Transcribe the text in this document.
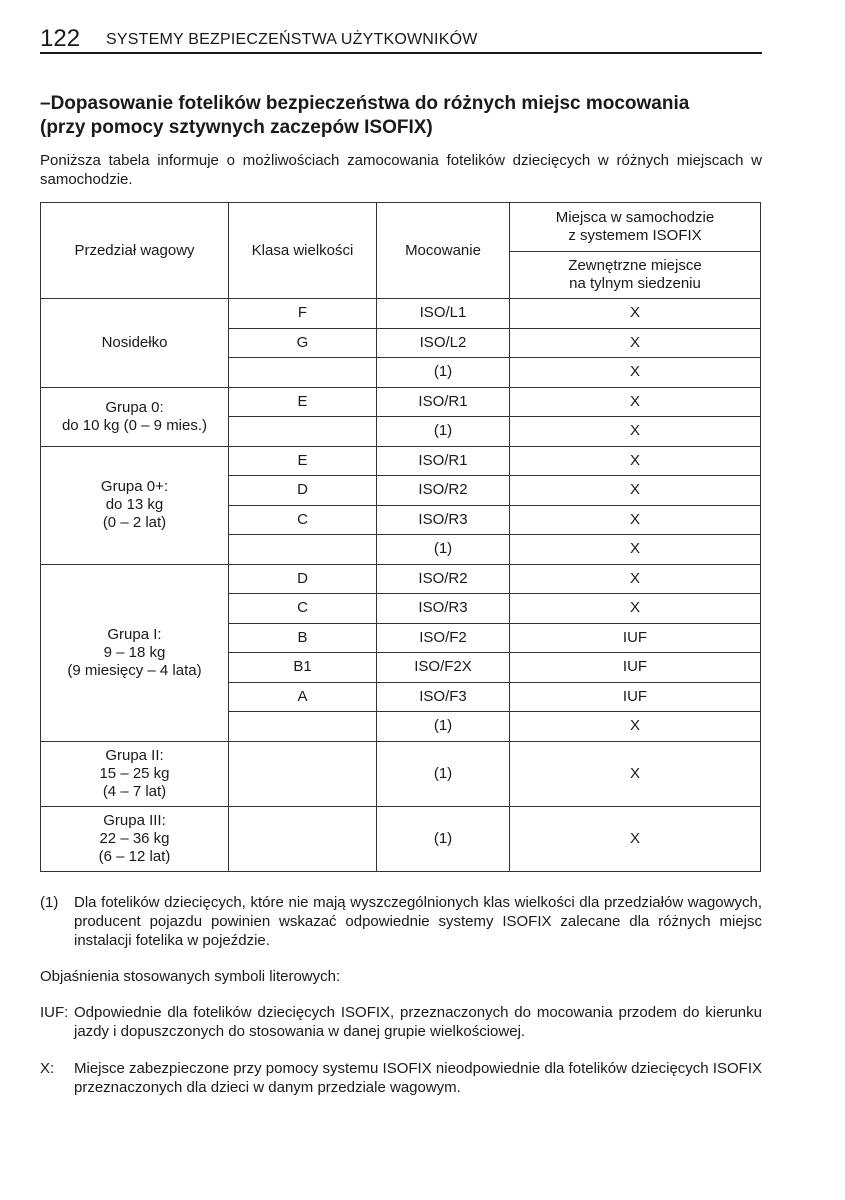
122 SYSTEMY BEZPIECZEŃSTWA UŻYTKOWNIKÓW
–Dopasowanie fotelików bezpieczeństwa do różnych miejsc mocowania
(przy pomocy sztywnych zaczepów ISOFIX)
Poniższa tabela informuje o możliwościach zamocowania fotelików dziecięcych w różnych miejscach w samochodzie.
Przedział wagowy	Klasa wielkości	Mocowanie	Miejsca w samochodzie
z systemem ISOFIX

			Zewnętrzne miejsce
na tylnym siedzeniu

Nosidełko	F	ISO/L1	X
	G	ISO/L2	X
		(1)	X

Grupa 0:
do 10 kg (0 – 9 mies.)	E	ISO/R1	X
		(1)	X

Grupa 0+:
do 13 kg
(0 – 2 lat)	E	ISO/R1	X
	D	ISO/R2	X
	C	ISO/R3	X
		(1)	X

Grupa I:
9 – 18 kg
(9 miesięcy – 4 lata)	D	ISO/R2	X
	C	ISO/R3	X
	B	ISO/F2	IUF
	B1	ISO/F2X	IUF
	A	ISO/F3	IUF
		(1)	X

Grupa II:
15 – 25 kg
(4 – 7 lat)		(1)	X

Grupa III:
22 – 36 kg
(6 – 12 lat)		(1)	X
(1)	Dla fotelików dziecięcych, które nie mają wyszczególnionych klas wielkości dla przedziałów wagowych, producent pojazdu powinien wskazać odpowiednie systemy ISOFIX zalecane dla różnych miejsc instalacji fotelika w pojeździe.
Objaśnienia stosowanych symboli literowych:
IUF: Odpowiednie dla fotelików dziecięcych ISOFIX, przeznaczonych do mocowania przodem do kierunku jazdy i dopuszczonych do stosowania w danej grupie wielkościowej.
X:	Miejsce zabezpieczone przy pomocy systemu ISOFIX nieodpowiednie dla fotelików dziecięcych ISOFIX przeznaczonych dla dzieci w danym przedziale wagowym.
